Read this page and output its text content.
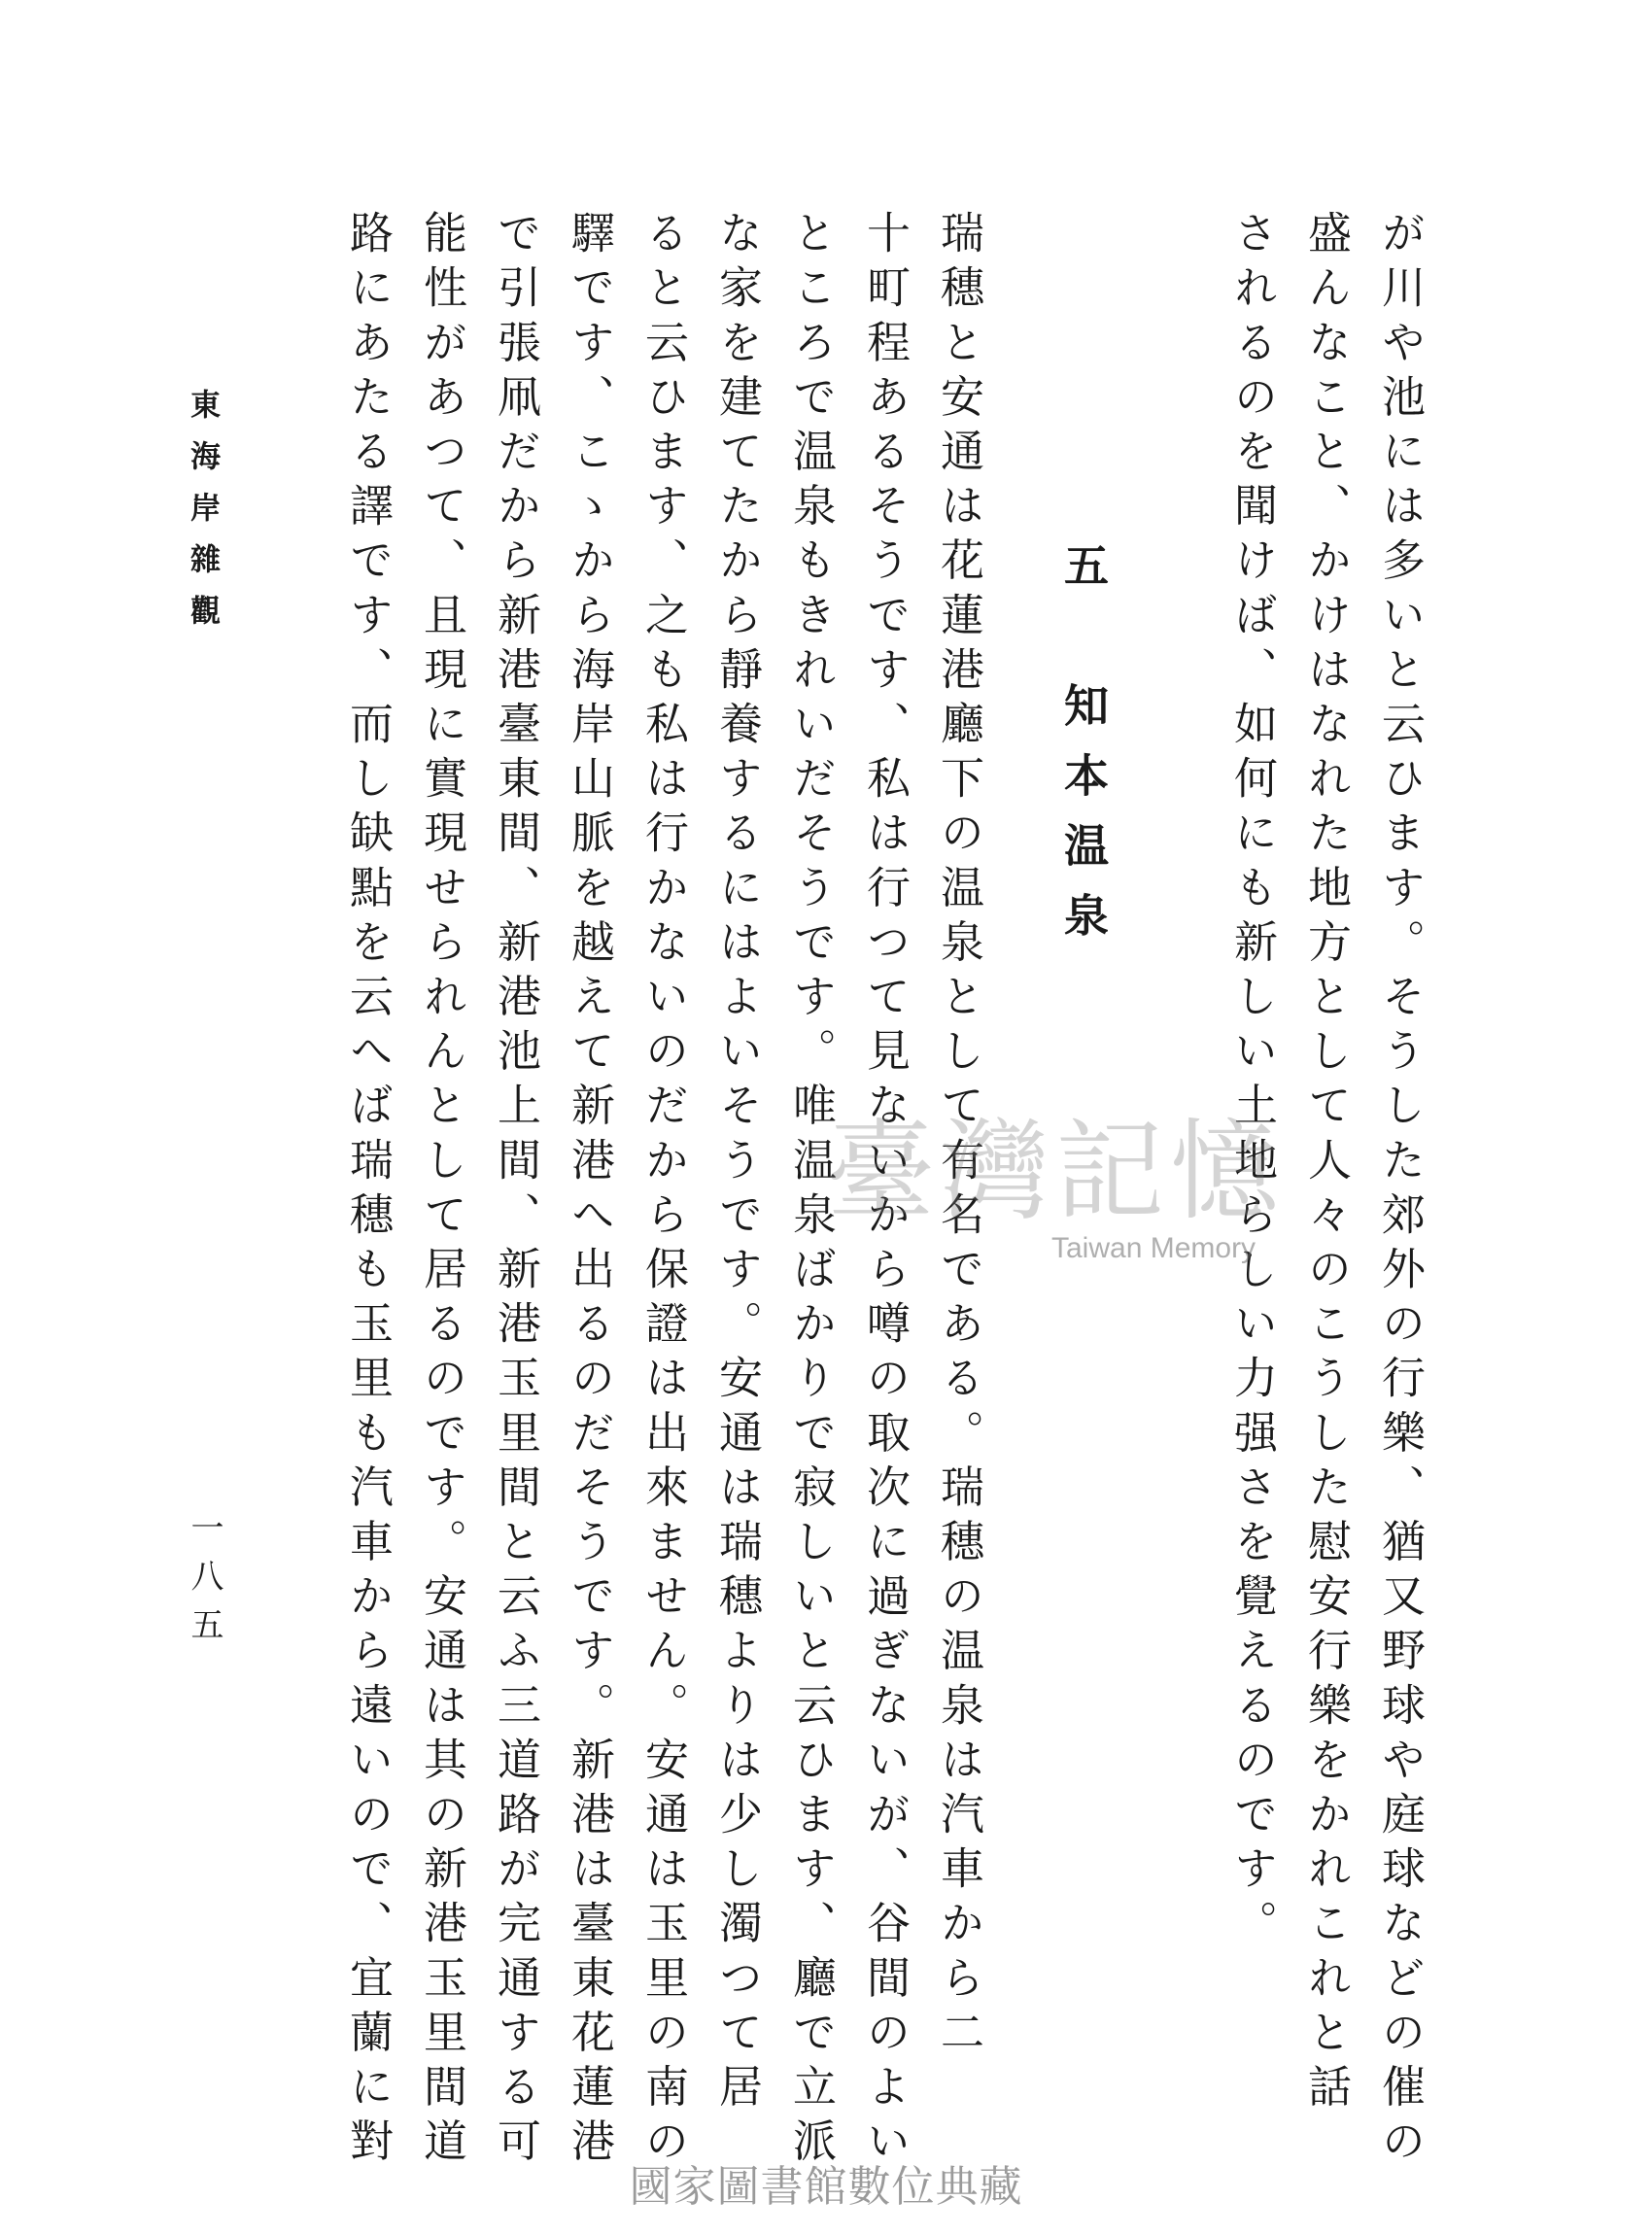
が川や池には多いと云ひます。そうした郊外の行樂、猶又野球や庭球などの催の
盛んなこと、かけはなれた地方として人々のこうした慰安行樂をかれこれと話
されるのを聞けば、如何にも新しい土地らしい力强さを覺えるのです。
五　知本温泉
瑞穗と安通は花蓮港廳下の温泉として有名である。瑞穗の温泉は汽車から二
十町程あるそうです、私は行つて見ないから噂の取次に過ぎないが、谷間のよい
ところで温泉もきれいだそうです。唯温泉ばかりで寂しいと云ひます、廳で立派
な家を建てたから靜養するにはよいそうです。安通は瑞穗よりは少し濁つて居
ると云ひます、之も私は行かないのだから保證は出來ません。安通は玉里の南の
驛です、こゝから海岸山脈を越えて新港へ出るのだそうです。新港は臺東花蓮港
で引張凧だから新港臺東間、新港池上間、新港玉里間と云ふ三道路が完通する可
能性があつて、且現に實現せられんとして居るのです。安通は其の新港玉里間道
路にあたる譯です、而し缺點を云へば瑞穗も玉里も汽車から遠いので、宜蘭に對
東海岸雜觀
一八五
臺灣記憶
Taiwan Memory
國家圖書館數位典藏
